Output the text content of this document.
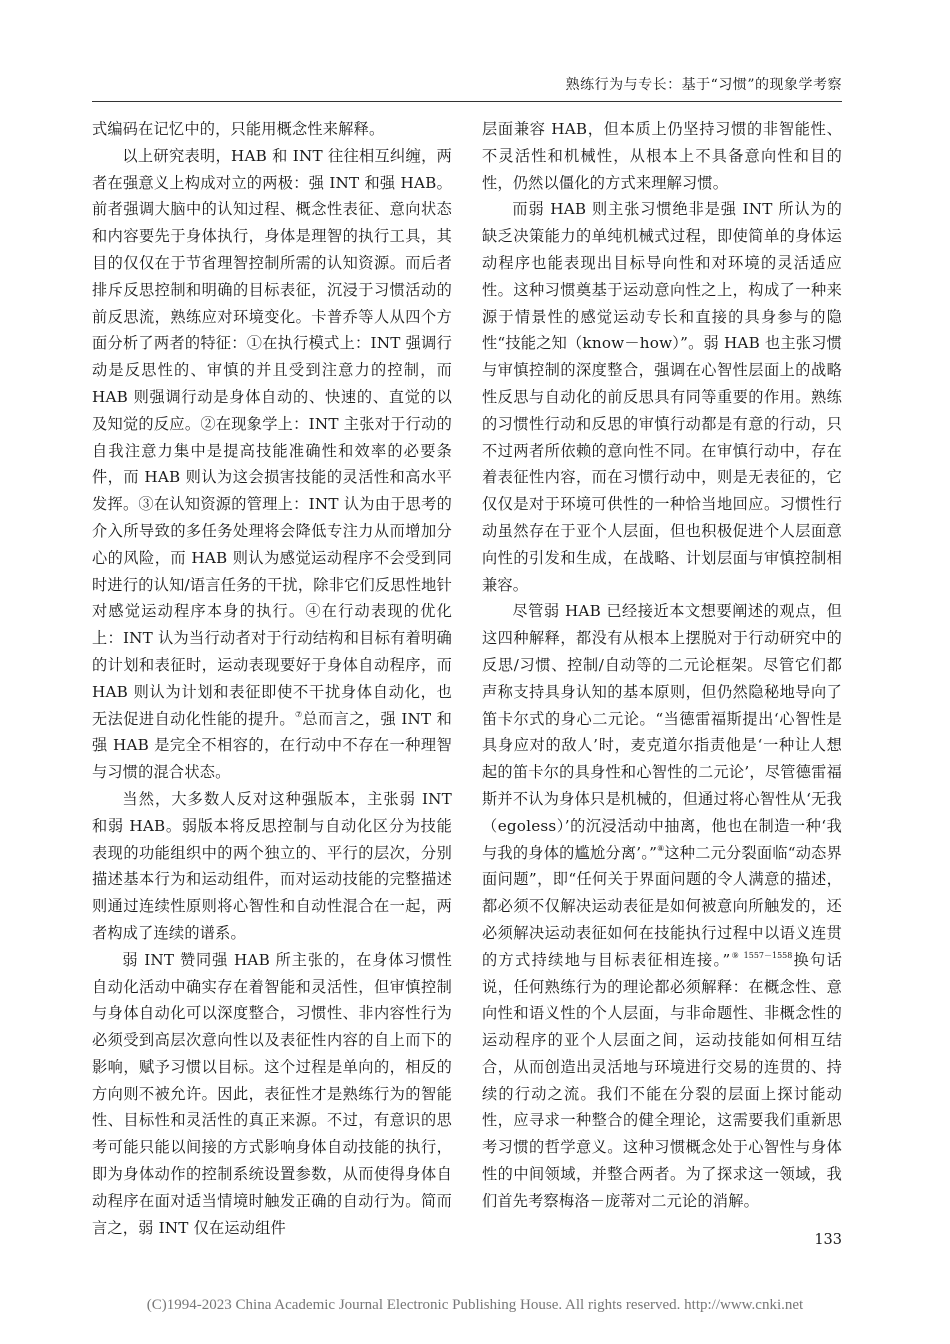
熟练行为与专长：基于“习惯”的现象学考察

式编码在记忆中的，只能用概念性来解释。

以上研究表明，HAB 和 INT 往往相互纠缠，两者在强意义上构成对立的两极：强 INT 和强 HAB。前者强调大脑中的认知过程、概念性表征、意向状态和内容要先于身体执行，身体是理智的执行工具，其目的仅仅在于节省理智控制所需的认知资源。而后者排斥反思控制和明确的目标表征，沉浸于习惯活动的前反思流，熟练应对环境变化。卡普乔等人从四个方面分析了两者的特征：①在执行模式上：INT 强调行动是反思性的、审慎的并且受到注意力的控制，而 HAB 则强调行动是身体自动的、快速的、直觉的以及知觉的反应。②在现象学上：INT 主张对于行动的自我注意力集中是提高技能准确性和效率的必要条件，而 HAB 则认为这会损害技能的灵活性和高水平发挥。③在认知资源的管理上：INT 认为由于思考的介入所导致的多任务处理将会降低专注力从而增加分心的风险，而 HAB 则认为感觉运动程序不会受到同时进行的认知/语言任务的干扰，除非它们反思性地针对感觉运动程序本身的执行。④在行动表现的优化上：INT 认为当行动者对于行动结构和目标有着明确的计划和表征时，运动表现要好于身体自动程序，而 HAB 则认为计划和表征即使不干扰身体自动化，也无法促进自动化性能的提升。⑦总而言之，强 INT 和强 HAB 是完全不相容的，在行动中不存在一种理智与习惯的混合状态。

当然，大多数人反对这种强版本，主张弱 INT 和弱 HAB。弱版本将反思控制与自动化区分为技能表现的功能组织中的两个独立的、平行的层次，分别描述基本行为和运动组件，而对运动技能的完整描述则通过连续性原则将心智性和自动性混合在一起，两者构成了连续的谱系。

弱 INT 赞同强 HAB 所主张的，在身体习惯性自动化活动中确实存在着智能和灵活性，但审慎控制与身体自动化可以深度整合，习惯性、非内容性行为必须受到高层次意向性以及表征性内容的自上而下的影响，赋予习惯以目标。这个过程是单向的，相反的方向则不被允许。因此，表征性才是熟练行为的智能性、目标性和灵活性的真正来源。不过，有意识的思考可能只能以间接的方式影响身体自动技能的执行，即为身体动作的控制系统设置参数，从而使得身体自动程序在面对适当情境时触发正确的自动行为。简而言之，弱 INT 仅在运动组件

层面兼容 HAB，但本质上仍坚持习惯的非智能性、不灵活性和机械性，从根本上不具备意向性和目的性，仍然以僵化的方式来理解习惯。

而弱 HAB 则主张习惯绝非是强 INT 所认为的缺乏决策能力的单纯机械式过程，即使简单的身体运动程序也能表现出目标导向性和对环境的灵活适应性。这种习惯奠基于运动意向性之上，构成了一种来源于情景性的感觉运动专长和直接的具身参与的隐性“技能之知（know－how）”。弱 HAB 也主张习惯与审慎控制的深度整合，强调在心智性层面上的战略性反思与自动化的前反思具有同等重要的作用。熟练的习惯性行动和反思的审慎行动都是有意的行动，只不过两者所依赖的意向性不同。在审慎行动中，存在着表征性内容，而在习惯行动中，则是无表征的，它仅仅是对于环境可供性的一种恰当地回应。习惯性行动虽然存在于亚个人层面，但也积极促进个人层面意向性的引发和生成，在战略、计划层面与审慎控制相兼容。

尽管弱 HAB 已经接近本文想要阐述的观点，但这四种解释，都没有从根本上摆脱对于行动研究中的反思/习惯、控制/自动等的二元论框架。尽管它们都声称支持具身认知的基本原则，但仍然隐秘地导向了笛卡尔式的身心二元论。“当德雷福斯提出‘心智性是具身应对的敌人’时，麦克道尔指责他是‘一种让人想起的笛卡尔的具身性和心智性的二元论’，尽管德雷福斯并不认为身体只是机械的，但通过将心智性从‘无我（egoless）’的沉浸活动中抽离，他也在制造一种‘我与我的身体的尴尬分离’。”⑧这种二元分裂面临“动态界面问题”，即“任何关于界面问题的令人满意的描述，都必须不仅解决运动表征是如何被意向所触发的，还必须解决运动表征如何在技能执行过程中以语义连贯的方式持续地与目标表征相连接。”$^{⑨ 1557-1558}$换句话说，任何熟练行为的理论都必须解释：在概念性、意向性和语义性的个人层面，与非命题性、非概念性的运动程序的亚个人层面之间，运动技能如何相互结合，从而创造出灵活地与环境进行交易的连贯的、持续的行动之流。我们不能在分裂的层面上探讨能动性，应寻求一种整合的健全理论，这需要我们重新思考习惯的哲学意义。这种习惯概念处于心智性与身体性的中间领域，并整合两者。为了探求这一领域，我们首先考察梅洛－庞蒂对二元论的消解。

133
(C)1994-2023 China Academic Journal Electronic Publishing House. All rights reserved. http://www.cnki.net
